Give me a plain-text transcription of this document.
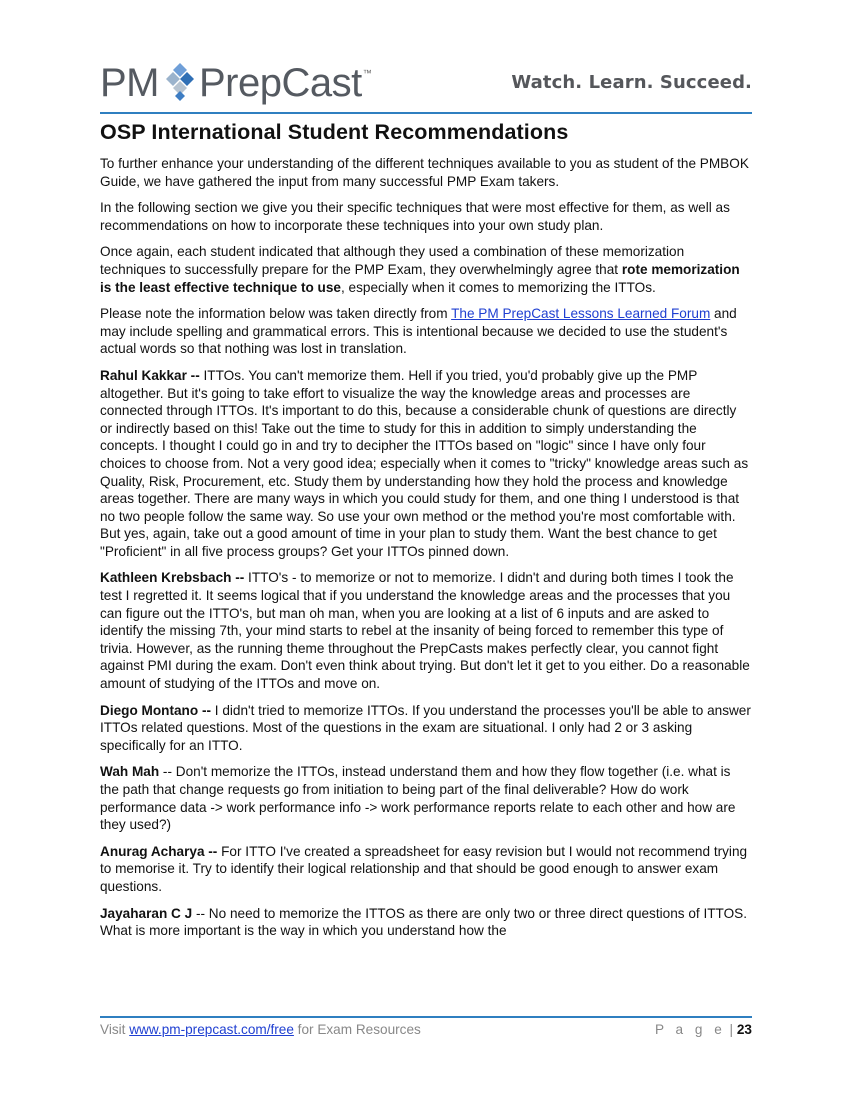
PM PrepCast ™	Watch. Learn. Succeed.
OSP International Student Recommendations

To further enhance your understanding of the different techniques available to you as student of the PMBOK Guide, we have gathered the input from many successful PMP Exam takers.

In the following section we give you their specific techniques that were most effective for them, as well as recommendations on how to incorporate these techniques into your own study plan.

Once again, each student indicated that although they used a combination of these memorization techniques to successfully prepare for the PMP Exam, they overwhelmingly agree that rote memorization is the least effective technique to use, especially when it comes to memorizing the ITTOs.

Please note the information below was taken directly from The PM PrepCast Lessons Learned Forum and may include spelling and grammatical errors. This is intentional because we decided to use the student's actual words so that nothing was lost in translation.

Rahul Kakkar -- ITTOs. You can't memorize them. Hell if you tried, you'd probably give up the PMP altogether. But it's going to take effort to visualize the way the knowledge areas and processes are connected through ITTOs. It's important to do this, because a considerable chunk of questions are directly or indirectly based on this! Take out the time to study for this in addition to simply understanding the concepts. I thought I could go in and try to decipher the ITTOs based on "logic" since I have only four choices to choose from. Not a very good idea; especially when it comes to "tricky" knowledge areas such as Quality, Risk, Procurement, etc. Study them by understanding how they hold the process and knowledge areas together. There are many ways in which you could study for them, and one thing I understood is that no two people follow the same way. So use your own method or the method you're most comfortable with. But yes, again, take out a good amount of time in your plan to study them. Want the best chance to get "Proficient" in all five process groups? Get your ITTOs pinned down.

Kathleen Krebsbach -- ITTO's - to memorize or not to memorize. I didn't and during both times I took the test I regretted it. It seems logical that if you understand the knowledge areas and the processes that you can figure out the ITTO's, but man oh man, when you are looking at a list of 6 inputs and are asked to identify the missing 7th, your mind starts to rebel at the insanity of being forced to remember this type of trivia. However, as the running theme throughout the PrepCasts makes perfectly clear, you cannot fight against PMI during the exam. Don't even think about trying. But don't let it get to you either. Do a reasonable amount of studying of the ITTOs and move on.

Diego Montano -- I didn't tried to memorize ITTOs. If you understand the processes you'll be able to answer ITTOs related questions. Most of the questions in the exam are situational. I only had 2 or 3 asking specifically for an ITTO.

Wah Mah -- Don't memorize the ITTOs, instead understand them and how they flow together (i.e. what is the path that change requests go from initiation to being part of the final deliverable? How do work performance data -> work performance info -> work performance reports relate to each other and how are they used?)

Anurag Acharya -- For ITTO I've created a spreadsheet for easy revision but I would not recommend trying to memorise it. Try to identify their logical relationship and that should be good enough to answer exam questions.

Jayaharan C J -- No need to memorize the ITTOS as there are only two or three direct questions of ITTOS. What is more important is the way in which you understand how the

Visit www.pm-prepcast.com/free for Exam Resources	P a g e | 23
